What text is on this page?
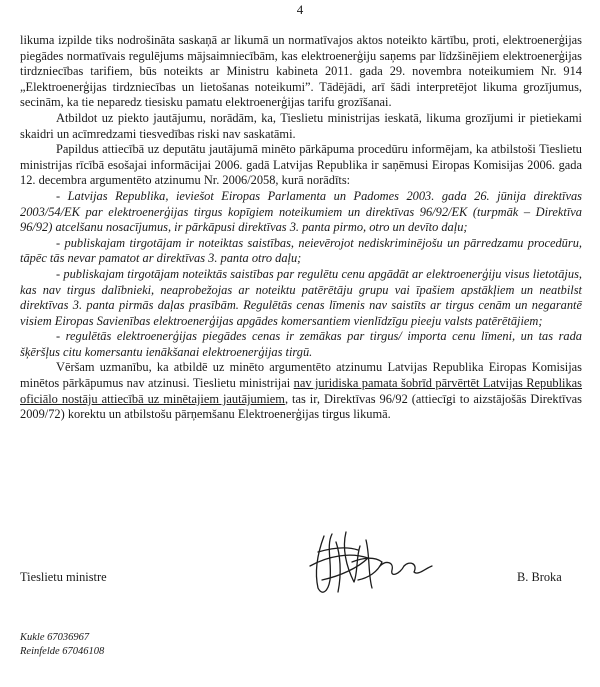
4

likuma izpilde tiks nodrošināta saskaņā ar likumā un normatīvajos aktos noteikto kārtību, proti, elektroenerģijas piegādes normatīvais regulējums mājsaimniecībām, kas elektroenerģiju saņems par līdzšinējiem elektroenerģijas tirdzniecības tarifiem, būs noteikts ar Ministru kabineta 2011. gada 29. novembra noteikumiem Nr. 914 „Elektroenerģijas tirdzniecības un lietošanas noteikumi”. Tādējādi, arī šādi interpretējot likuma grozījumus, secinām, ka tie neparedz tiesisku pamatu elektroenerģijas tarifu grozīšanai.

Atbildot uz piekto jautājumu, norādām, ka, Tieslietu ministrijas ieskatā, likuma grozījumi ir pietiekami skaidri un acīmredzami tiesvedības riski nav saskatāmi.

Papildus attiecībā uz deputātu jautājumā minēto pārkāpuma procedūru informējam, ka atbilstoši Tieslietu ministrijas rīcībā esošajai informācijai 2006. gadā Latvijas Republika ir saņēmusi Eiropas Komisijas 2006. gada 12. decembra argumentēto atzinumu Nr. 2006/2058, kurā norādīts:

- Latvijas Republika, ieviešot Eiropas Parlamenta un Padomes 2003. gada 26. jūnija direktīvas 2003/54/EK par elektroenerģijas tirgus kopīgiem noteikumiem un direktīvas 96/92/EK (turpmāk – Direktīva 96/92) atcelšanu nosacījumus, ir pārkāpusi direktīvas 3. panta pirmo, otro un devīto daļu;

- publiskajam tirgotājam ir noteiktas saistības, neievērojot nediskriminējošu un pārredzamu procedūru, tāpēc tās nevar pamatot ar direktīvas 3. panta otro daļu;

- publiskajam tirgotājam noteiktās saistības par regulētu cenu apgādāt ar elektroenerģiju visus lietotājus, kas nav tirgus dalībnieki, neaprobežojas ar noteiktu patērētāju grupu vai īpašiem apstākļiem un neatbilst direktīvas 3. panta pirmās daļas prasībām. Regulētās cenas līmenis nav saistīts ar tirgus cenām un negarantē visiem Eiropas Savienības elektroenerģijas apgādes komersantiem vienlīdzīgu pieeju valsts patērētājiem;

- regulētās elektroenerģijas piegādes cenas ir zemākas par tirgus/ importa cenu līmeni, un tas rada šķēršļus citu komersantu ienākšanai elektroenerģijas tirgū.

Vēršam uzmanību, ka atbildē uz minēto argumentēto atzinumu Latvijas Republika Eiropas Komisijas minētos pārkāpumus nav atzinusi. Tieslietu ministrijai nav juridiska pamata šobrīd pārvērtēt Latvijas Republikas oficiālo nostāju attiecībā uz minētajiem jautājumiem, tas ir, Direktīvas 96/92 (attiecīgi to aizstājošās Direktīvas 2009/72) korektu un atbilstošu pārņemšanu Elektroenerģijas tirgus likumā.

Tieslietu ministre	B. Broka
Kukle 67036967
Reinfelde 67046108
